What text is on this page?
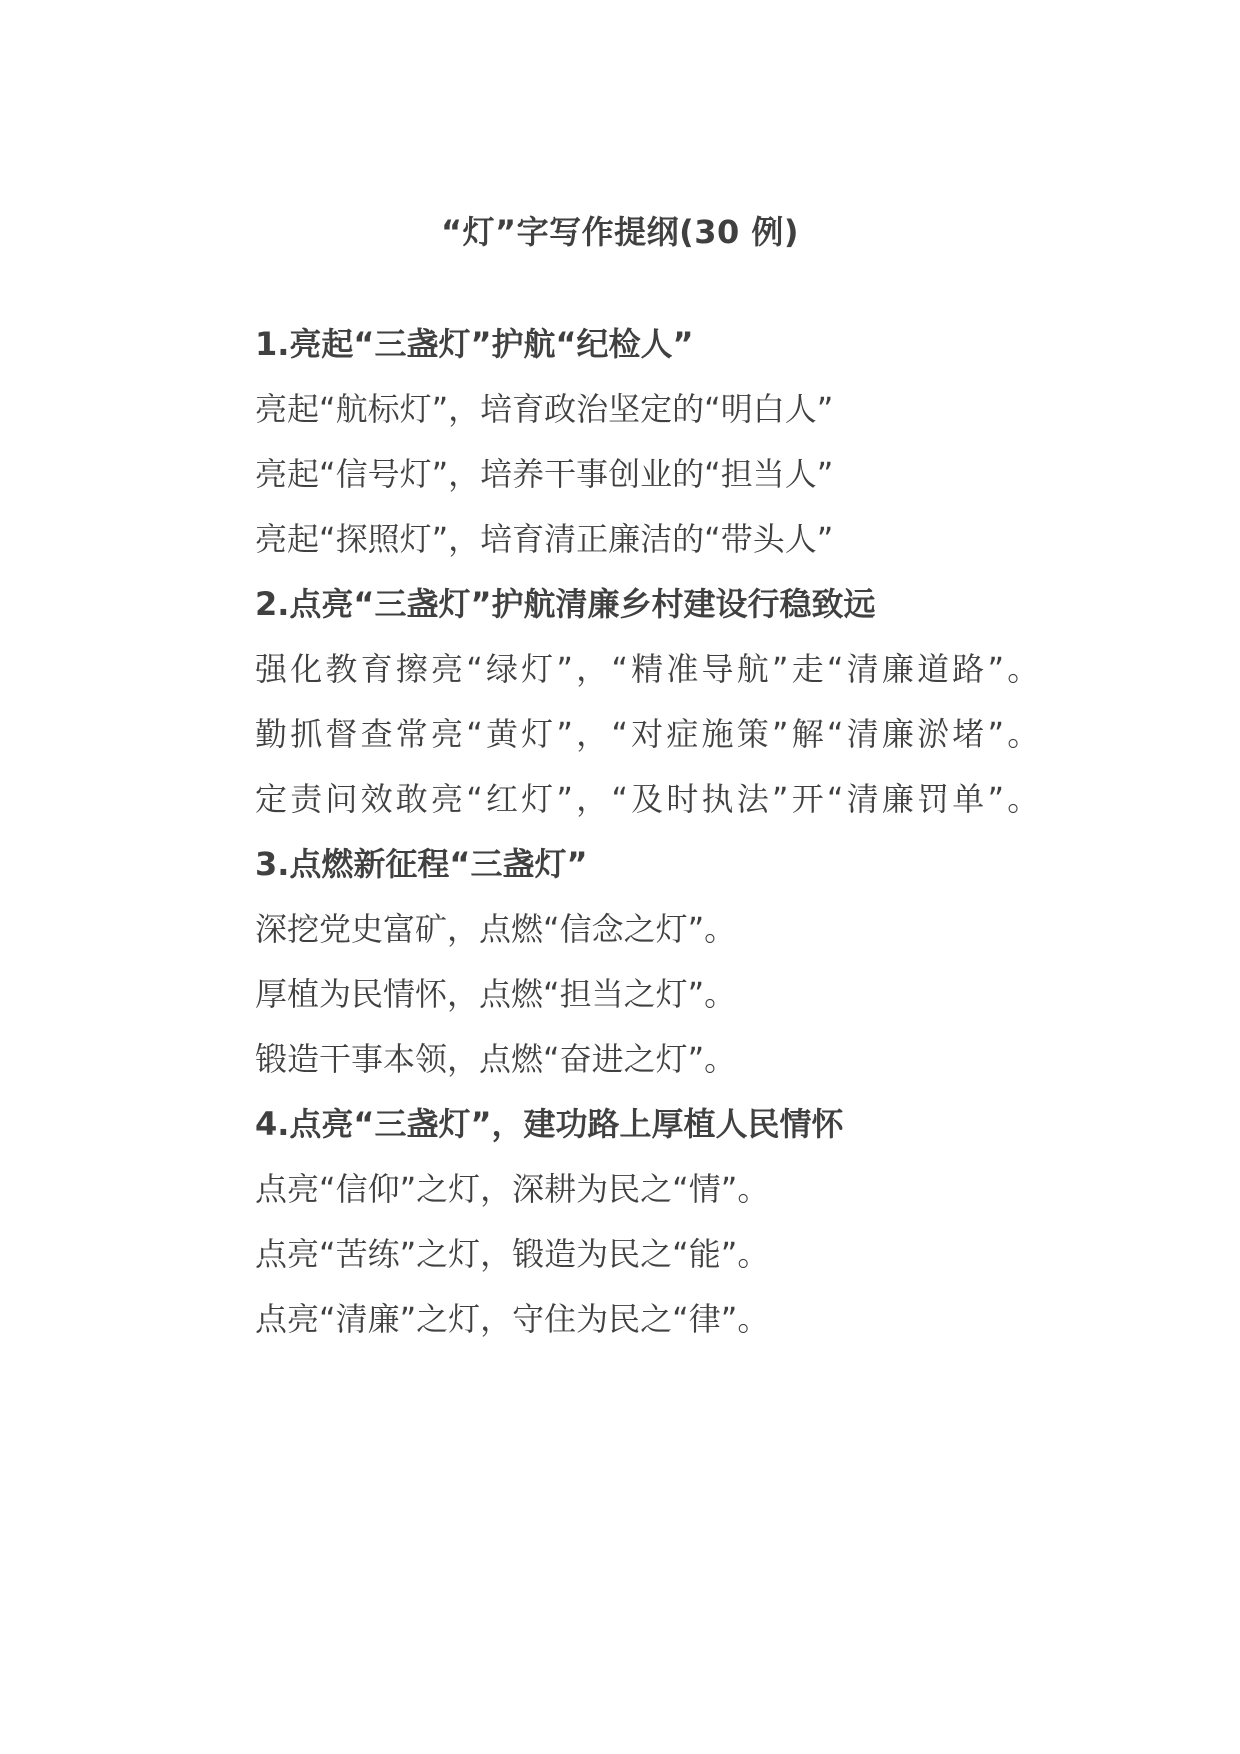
“灯”字写作提纲(30 例)
1.亮起“三盏灯”护航“纪检人”
亮起“航标灯”，培育政治坚定的“明白人”
亮起“信号灯”，培养干事创业的“担当人”
亮起“探照灯”，培育清正廉洁的“带头人”
2.点亮“三盏灯”护航清廉乡村建设行稳致远
强化教育擦亮“绿灯”，“精准导航”走“清廉道路”。
勤抓督查常亮“黄灯”，“对症施策”解“清廉淤堵”。
定责问效敢亮“红灯”，“及时执法”开“清廉罚单”。
3.点燃新征程“三盏灯”
深挖党史富矿，点燃“信念之灯”。
厚植为民情怀，点燃“担当之灯”。
锻造干事本领，点燃“奋进之灯”。
4.点亮“三盏灯”，建功路上厚植人民情怀
点亮“信仰”之灯，深耕为民之“情”。
点亮“苦练”之灯，锻造为民之“能”。
点亮“清廉”之灯，守住为民之“律”。
